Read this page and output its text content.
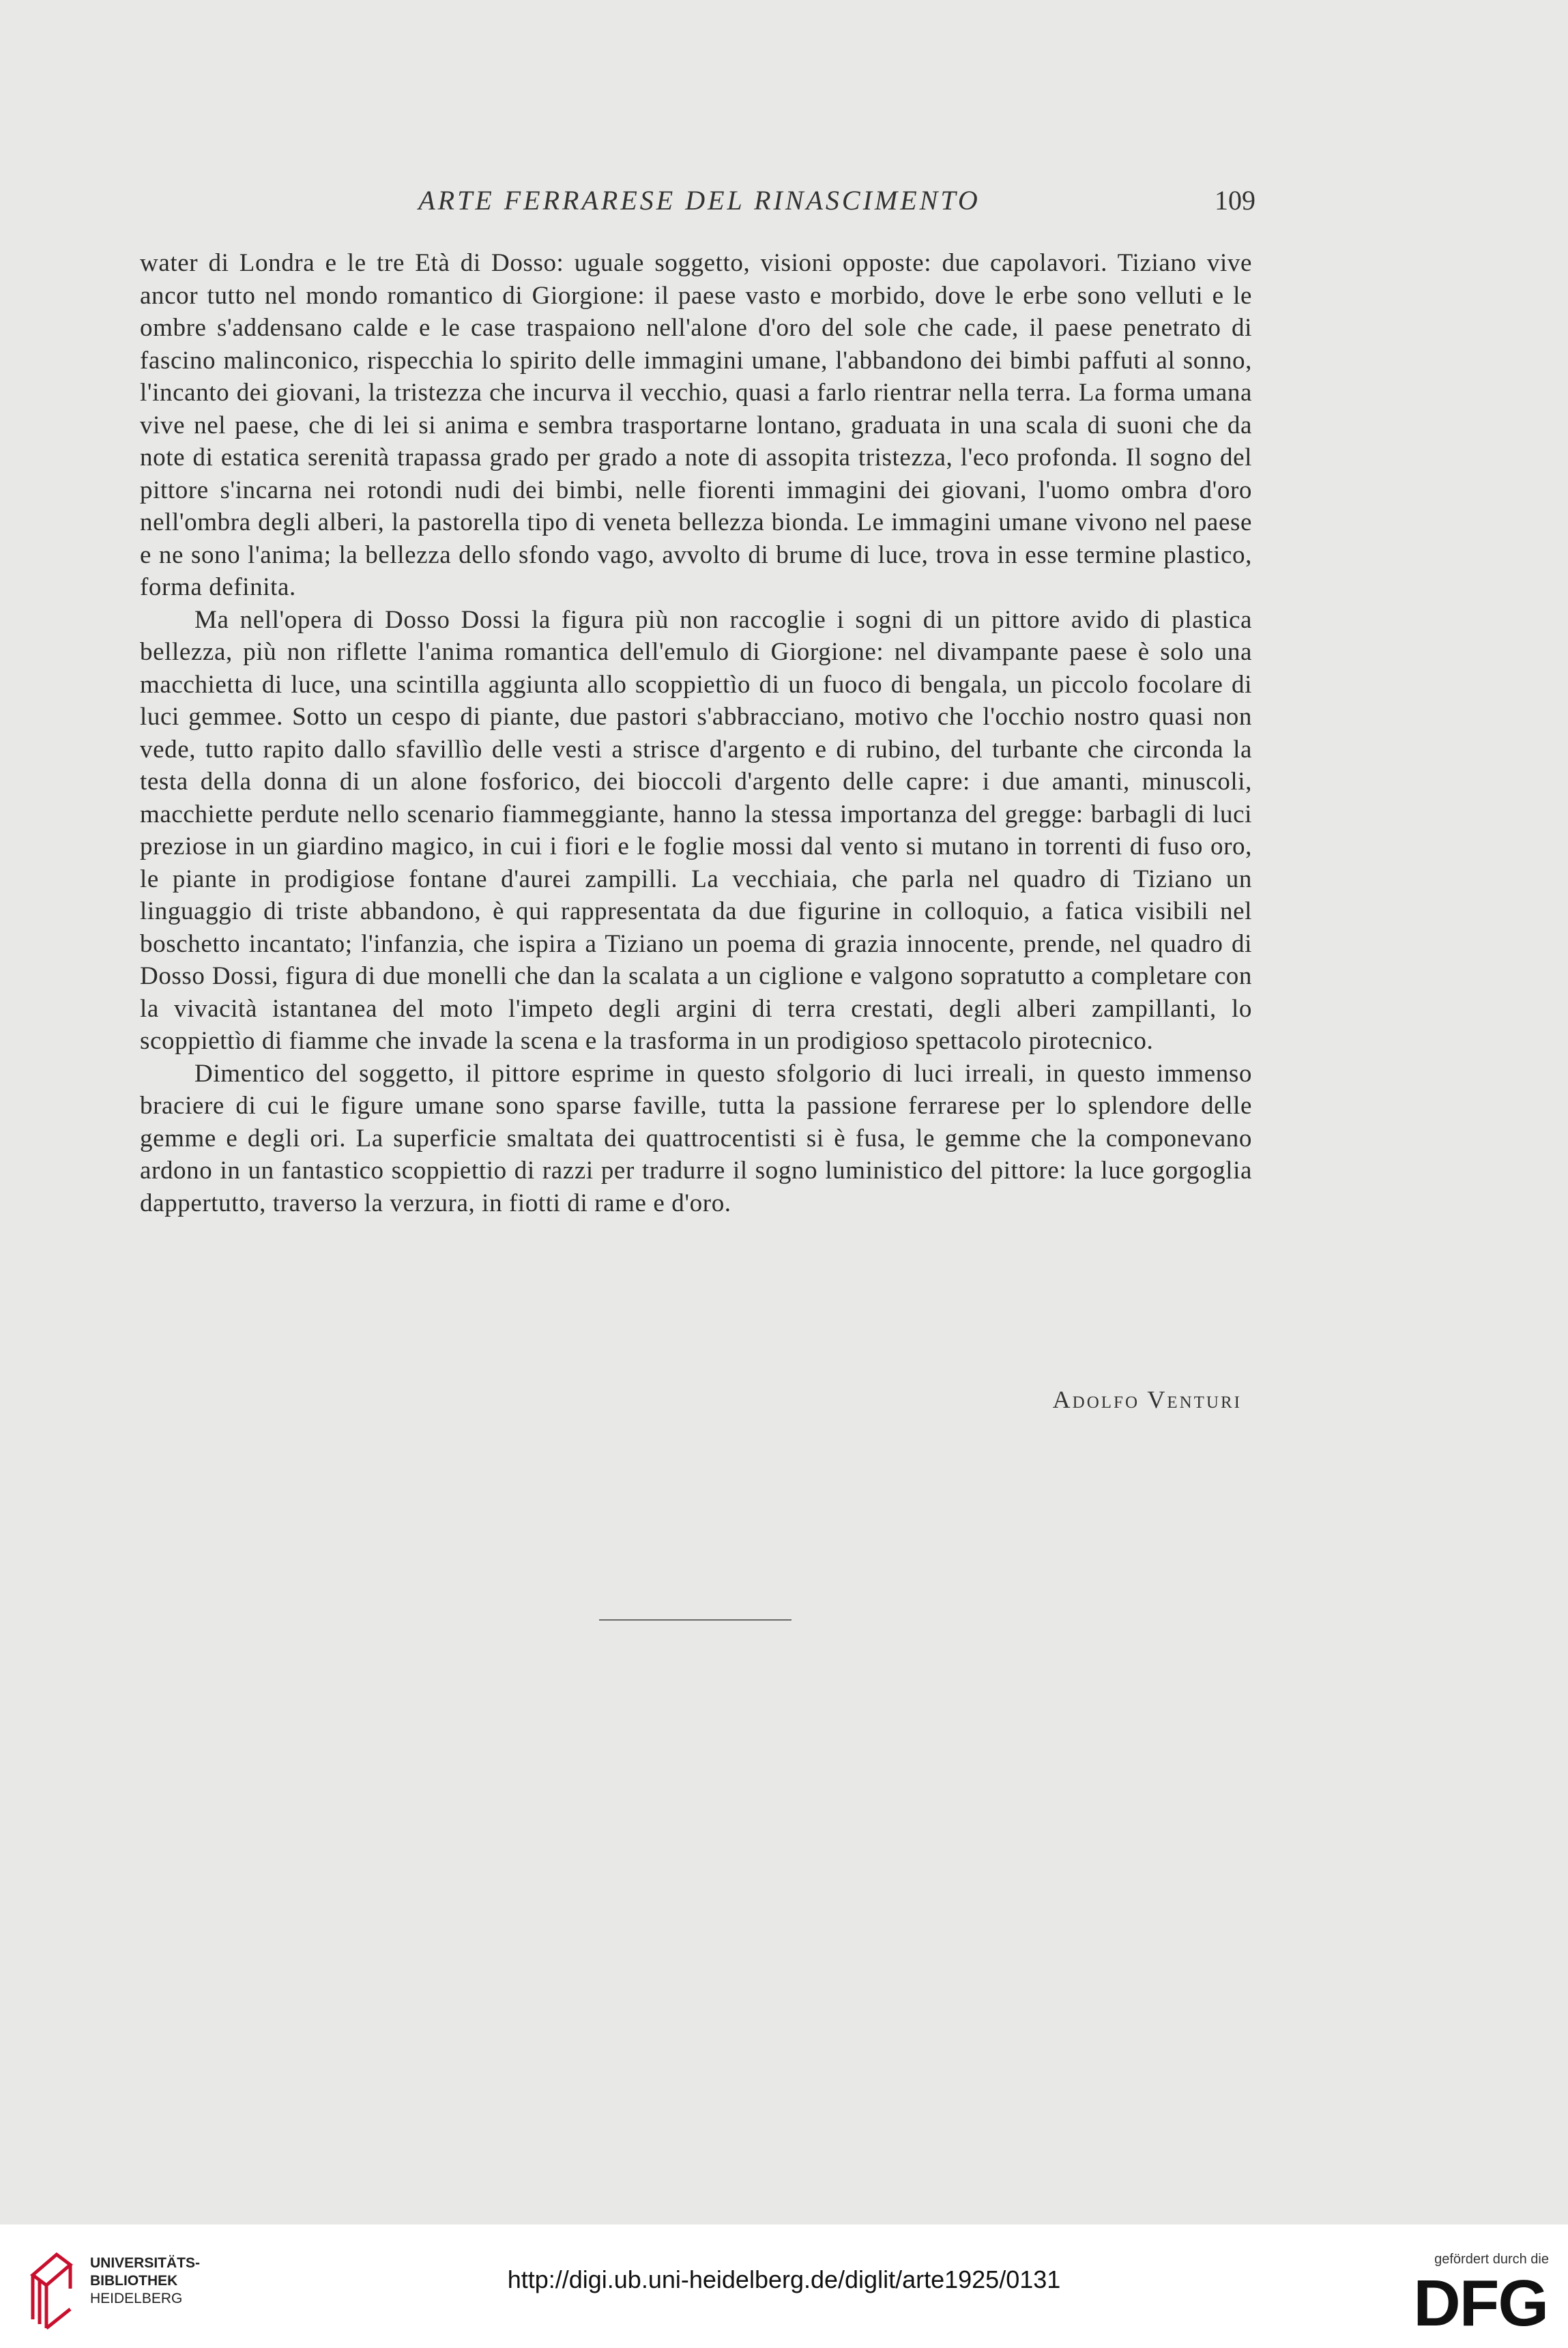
ARTE FERRARESE DEL RINASCIMENTO	109

water di Londra e le tre Età di Dosso: uguale soggetto, visioni opposte: due capolavori. Tiziano vive ancor tutto nel mondo romantico di Giorgione: il paese vasto e morbido, dove le erbe sono velluti e le ombre s'addensano calde e le case traspaiono nell'alone d'oro del sole che cade, il paese penetrato di fascino malinconico, rispecchia lo spirito delle immagini umane, l'abbandono dei bimbi paffuti al sonno, l'incanto dei giovani, la tristezza che incurva il vecchio, quasi a farlo rientrar nella terra. La forma umana vive nel paese, che di lei si anima e sembra trasportarne lontano, graduata in una scala di suoni che da note di estatica serenità trapassa grado per grado a note di assopita tristezza, l'eco profonda. Il sogno del pittore s'incarna nei rotondi nudi dei bimbi, nelle fiorenti immagini dei giovani, l'uomo ombra d'oro nell'ombra degli alberi, la pastorella tipo di veneta bellezza bionda. Le immagini umane vivono nel paese e ne sono l'anima; la bellezza dello sfondo vago, avvolto di brume di luce, trova in esse termine plastico, forma definita.

Ma nell'opera di Dosso Dossi la figura più non raccoglie i sogni di un pittore avido di plastica bellezza, più non riflette l'anima romantica dell'emulo di Giorgione: nel divampante paese è solo una macchietta di luce, una scintilla aggiunta allo scoppiettìo di un fuoco di bengala, un piccolo focolare di luci gemmee. Sotto un cespo di piante, due pastori s'abbracciano, motivo che l'occhio nostro quasi non vede, tutto rapito dallo sfavillìo delle vesti a strisce d'argento e di rubino, del turbante che circonda la testa della donna di un alone fosforico, dei bioccoli d'argento delle capre: i due amanti, minuscoli, macchiette perdute nello scenario fiammeggiante, hanno la stessa importanza del gregge: barbagli di luci preziose in un giardino magico, in cui i fiori e le foglie mossi dal vento si mutano in torrenti di fuso oro, le piante in prodigiose fontane d'aurei zampilli. La vecchiaia, che parla nel quadro di Tiziano un linguaggio di triste abbandono, è qui rappresentata da due figurine in colloquio, a fatica visibili nel boschetto incantato; l'infanzia, che ispira a Tiziano un poema di grazia innocente, prende, nel quadro di Dosso Dossi, figura di due monelli che dan la scalata a un ciglione e valgono sopratutto a completare con la vivacità istantanea del moto l'impeto degli argini di terra crestati, degli alberi zampillanti, lo scoppiettìo di fiamme che invade la scena e la trasforma in un prodigioso spettacolo pirotecnico.

Dimentico del soggetto, il pittore esprime in questo sfolgorio di luci irreali, in questo immenso braciere di cui le figure umane sono sparse faville, tutta la passione ferrarese per lo splendore delle gemme e degli ori. La superficie smaltata dei quattrocentisti si è fusa, le gemme che la componevano ardono in un fantastico scoppiettio di razzi per tradurre il sogno luministico del pittore: la luce gorgoglia dappertutto, traverso la verzura, in fiotti di rame e d'oro.

Adolfo Venturi
UNIVERSITÄTS-
BIBLIOTHEK
HEIDELBERG
http://digi.ub.uni-heidelberg.de/diglit/arte1925/0131
gefördert durch die
DFG
